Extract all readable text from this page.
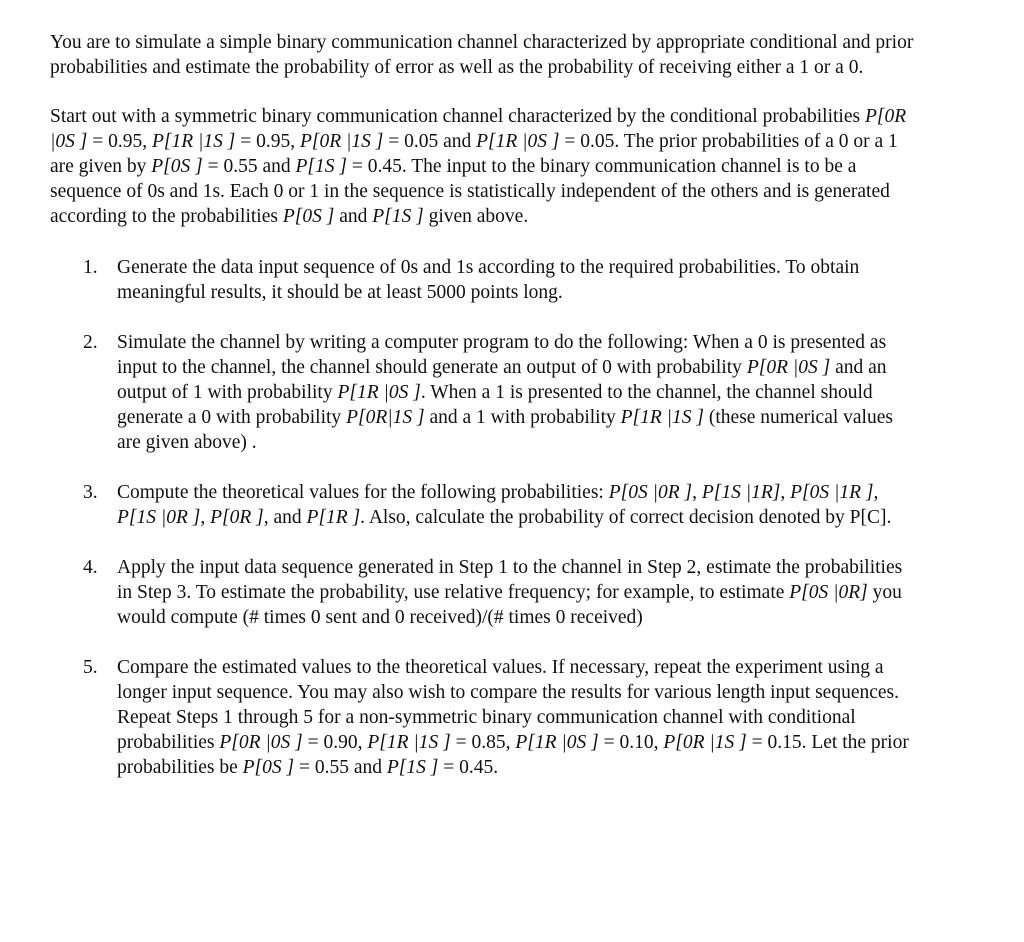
You are to simulate a simple binary communication channel characterized by appropriate conditional and prior probabilities and estimate the probability of error as well as the probability of receiving either a 1 or a 0.

Start out with a symmetric binary communication channel characterized by the conditional probabilities P[0R |0S ] = 0.95, P[1R |1S ] = 0.95, P[0R |1S ] = 0.05 and P[1R |0S ] = 0.05. The prior probabilities of a 0 or a 1 are given by P[0S ] = 0.55 and P[1S ] = 0.45. The input to the binary communication channel is to be a sequence of 0s and 1s. Each 0 or 1 in the sequence is statistically independent of the others and is generated according to the probabilities P[0S ] and P[1S ] given above.

1. Generate the data input sequence of 0s and 1s according to the required probabilities. To obtain meaningful results, it should be at least 5000 points long.
2. Simulate the channel by writing a computer program to do the following: When a 0 is presented as input to the channel, the channel should generate an output of 0 with probability P[0R |0S ] and an output of 1 with probability P[1R |0S ]. When a 1 is presented to the channel, the channel should generate a 0 with probability P[0R|1S ] and a 1 with probability P[1R |1S ] (these numerical values are given above) .
3. Compute the theoretical values for the following probabilities: P[0S |0R ], P[1S |1R], P[0S |1R ], P[1S |0R ], P[0R ], and P[1R ]. Also, calculate the probability of correct decision denoted by P[C].
4. Apply the input data sequence generated in Step 1 to the channel in Step 2, estimate the probabilities in Step 3. To estimate the probability, use relative frequency; for example, to estimate P[0S |0R] you would compute (# times 0 sent and 0 received)/(# times 0 received)
5. Compare the estimated values to the theoretical values. If necessary, repeat the experiment using a longer input sequence. You may also wish to compare the results for various length input sequences. Repeat Steps 1 through 5 for a non-symmetric binary communication channel with conditional probabilities P[0R |0S ] = 0.90, P[1R |1S ] = 0.85, P[1R |0S ] = 0.10, P[0R |1S ] = 0.15. Let the prior probabilities be P[0S ] = 0.55 and P[1S ] = 0.45.
